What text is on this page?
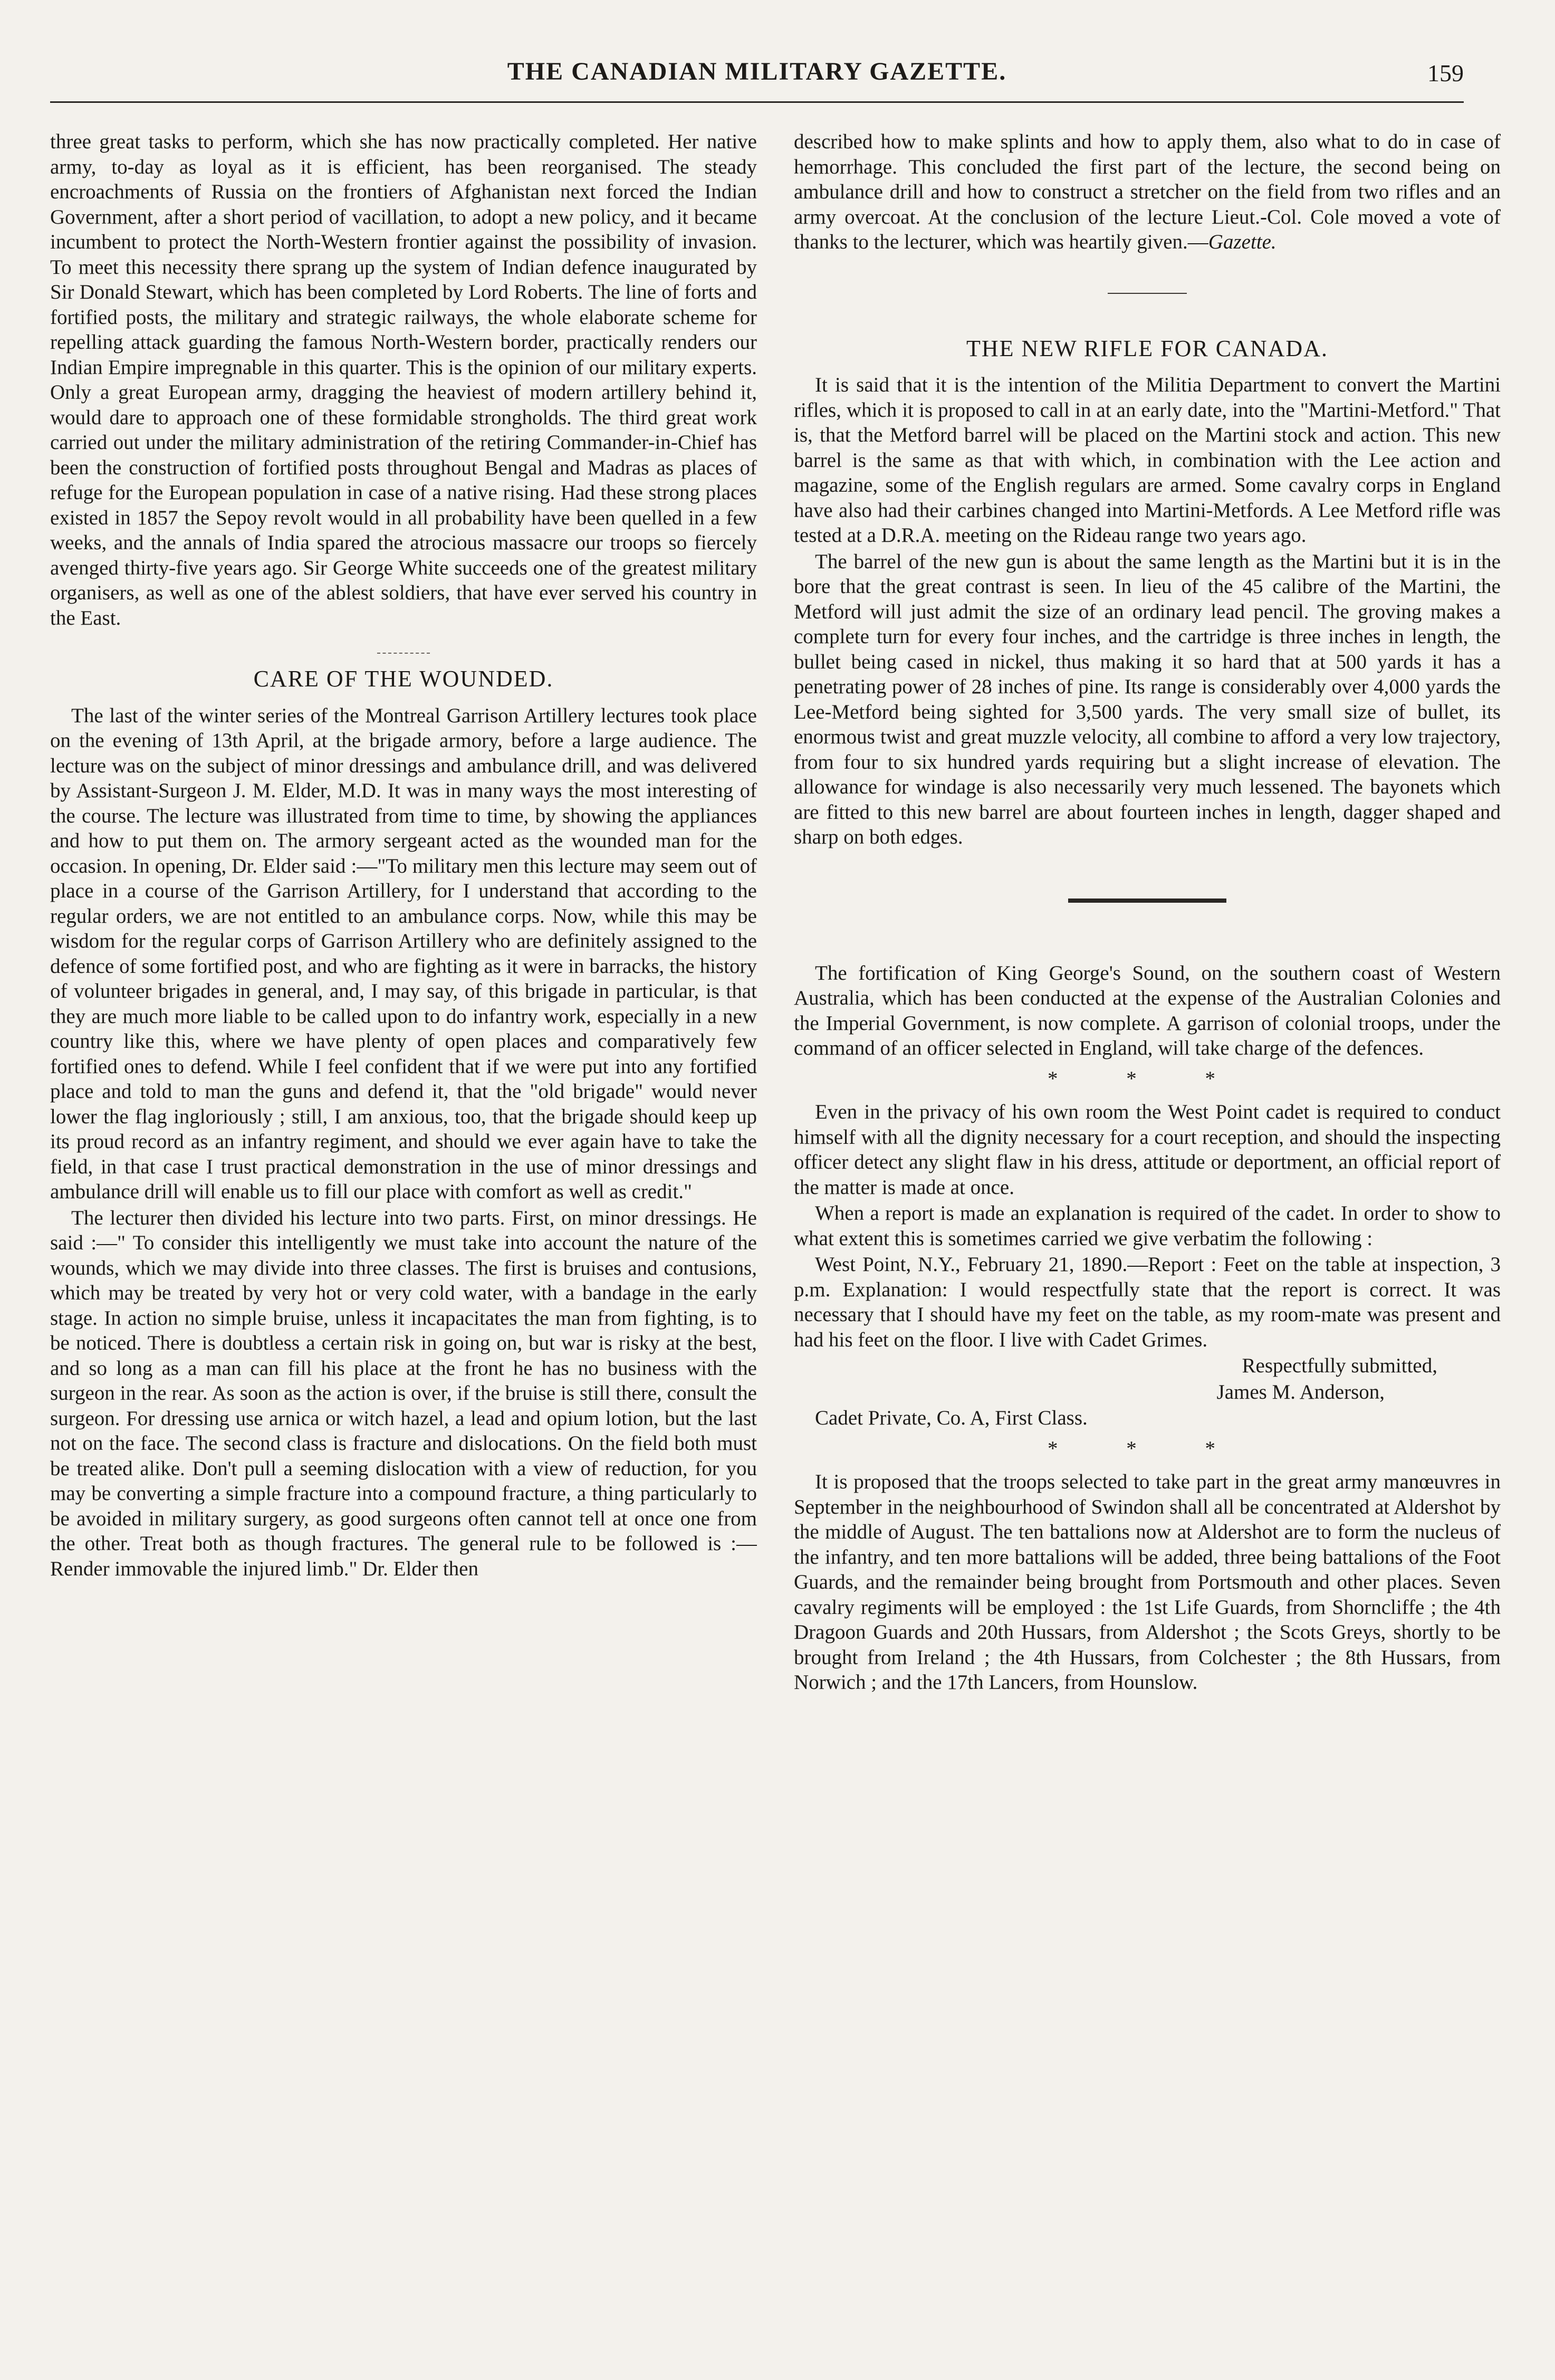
THE CANADIAN MILITARY GAZETTE.	159

three great tasks to perform, which she has now practically completed. Her native army, to-day as loyal as it is efficient, has been reorganised. The steady encroachments of Russia on the frontiers of Afghanistan next forced the Indian Government, after a short period of vacillation, to adopt a new policy, and it became incumbent to protect the North-Western frontier against the possibility of invasion. To meet this necessity there sprang up the system of Indian defence inaugurated by Sir Donald Stewart, which has been completed by Lord Roberts. The line of forts and fortified posts, the military and strategic railways, the whole elaborate scheme for repelling attack guarding the famous North-Western border, practically renders our Indian Empire impregnable in this quarter. This is the opinion of our military experts. Only a great European army, dragging the heaviest of modern artillery behind it, would dare to approach one of these formidable strongholds. The third great work carried out under the military administration of the retiring Commander-in-Chief has been the construction of fortified posts throughout Bengal and Madras as places of refuge for the European population in case of a native rising. Had these strong places existed in 1857 the Sepoy revolt would in all probability have been quelled in a few weeks, and the annals of India spared the atrocious massacre our troops so fiercely avenged thirty-five years ago. Sir George White succeeds one of the greatest military organisers, as well as one of the ablest soldiers, that have ever served his country in the East.

CARE OF THE WOUNDED.

The last of the winter series of the Montreal Garrison Artillery lectures took place on the evening of 13th April, at the brigade armory, before a large audience. The lecture was on the subject of minor dressings and ambulance drill, and was delivered by Assistant-Surgeon J. M. Elder, M.D. It was in many ways the most interesting of the course. The lecture was illustrated from time to time, by showing the appliances and how to put them on. The armory sergeant acted as the wounded man for the occasion. In opening, Dr. Elder said :—"To military men this lecture may seem out of place in a course of the Garrison Artillery, for I understand that according to the regular orders, we are not entitled to an ambulance corps. Now, while this may be wisdom for the regular corps of Garrison Artillery who are definitely assigned to the defence of some fortified post, and who are fighting as it were in barracks, the history of volunteer brigades in general, and, I may say, of this brigade in particular, is that they are much more liable to be called upon to do infantry work, especially in a new country like this, where we have plenty of open places and comparatively few fortified ones to defend. While I feel confident that if we were put into any fortified place and told to man the guns and defend it, that the "old brigade" would never lower the flag ingloriously ; still, I am anxious, too, that the brigade should keep up its proud record as an infantry regiment, and should we ever again have to take the field, in that case I trust practical demonstration in the use of minor dressings and ambulance drill will enable us to fill our place with comfort as well as credit."

The lecturer then divided his lecture into two parts. First, on minor dressings. He said :—" To consider this intelligently we must take into account the nature of the wounds, which we may divide into three classes. The first is bruises and contusions, which may be treated by very hot or very cold water, with a bandage in the early stage. In action no simple bruise, unless it incapacitates the man from fighting, is to be noticed. There is doubtless a certain risk in going on, but war is risky at the best, and so long as a man can fill his place at the front he has no business with the surgeon in the rear. As soon as the action is over, if the bruise is still there, consult the surgeon. For dressing use arnica or witch hazel, a lead and opium lotion, but the last not on the face. The second class is fracture and dislocations. On the field both must be treated alike. Don't pull a seeming dislocation with a view of reduction, for you may be converting a simple fracture into a compound fracture, a thing particularly to be avoided in military surgery, as good surgeons often cannot tell at once one from the other. Treat both as though fractures. The general rule to be followed is :— Render immovable the injured limb." Dr. Elder then

described how to make splints and how to apply them, also what to do in case of hemorrhage. This concluded the first part of the lecture, the second being on ambulance drill and how to construct a stretcher on the field from two rifles and an army overcoat. At the conclusion of the lecture Lieut.-Col. Cole moved a vote of thanks to the lecturer, which was heartily given.—Gazette.

THE NEW RIFLE FOR CANADA.

It is said that it is the intention of the Militia Department to convert the Martini rifles, which it is proposed to call in at an early date, into the "Martini-Metford." That is, that the Metford barrel will be placed on the Martini stock and action. This new barrel is the same as that with which, in combination with the Lee action and magazine, some of the English regulars are armed. Some cavalry corps in England have also had their carbines changed into Martini-Metfords. A Lee Metford rifle was tested at a D.R.A. meeting on the Rideau range two years ago.

The barrel of the new gun is about the same length as the Martini but it is in the bore that the great contrast is seen. In lieu of the 45 calibre of the Martini, the Metford will just admit the size of an ordinary lead pencil. The groving makes a complete turn for every four inches, and the cartridge is three inches in length, the bullet being cased in nickel, thus making it so hard that at 500 yards it has a penetrating power of 28 inches of pine. Its range is considerably over 4,000 yards the Lee-Metford being sighted for 3,500 yards. The very small size of bullet, its enormous twist and great muzzle velocity, all combine to afford a very low trajectory, from four to six hundred yards requiring but a slight increase of elevation. The allowance for windage is also necessarily very much lessened. The bayonets which are fitted to this new barrel are about fourteen inches in length, dagger shaped and sharp on both edges.

The fortification of King George's Sound, on the southern coast of Western Australia, which has been conducted at the expense of the Australian Colonies and the Imperial Government, is now complete. A garrison of colonial troops, under the command of an officer selected in England, will take charge of the defences.

* * *

Even in the privacy of his own room the West Point cadet is required to conduct himself with all the dignity necessary for a court reception, and should the inspecting officer detect any slight flaw in his dress, attitude or deportment, an official report of the matter is made at once.

When a report is made an explanation is required of the cadet. In order to show to what extent this is sometimes carried we give verbatim the following :

West Point, N.Y., February 21, 1890.—Report : Feet on the table at inspection, 3 p.m. Explanation: I would respectfully state that the report is correct. It was necessary that I should have my feet on the table, as my room-mate was present and had his feet on the floor. I live with Cadet Grimes.

Respectfully submitted,

James M. Anderson,

Cadet Private, Co. A, First Class.

* * *

It is proposed that the troops selected to take part in the great army manœuvres in September in the neighbourhood of Swindon shall all be concentrated at Aldershot by the middle of August. The ten battalions now at Aldershot are to form the nucleus of the infantry, and ten more battalions will be added, three being battalions of the Foot Guards, and the remainder being brought from Portsmouth and other places. Seven cavalry regiments will be employed : the 1st Life Guards, from Shorncliffe ; the 4th Dragoon Guards and 20th Hussars, from Aldershot ; the Scots Greys, shortly to be brought from Ireland ; the 4th Hussars, from Colchester ; the 8th Hussars, from Norwich ; and the 17th Lancers, from Hounslow.
